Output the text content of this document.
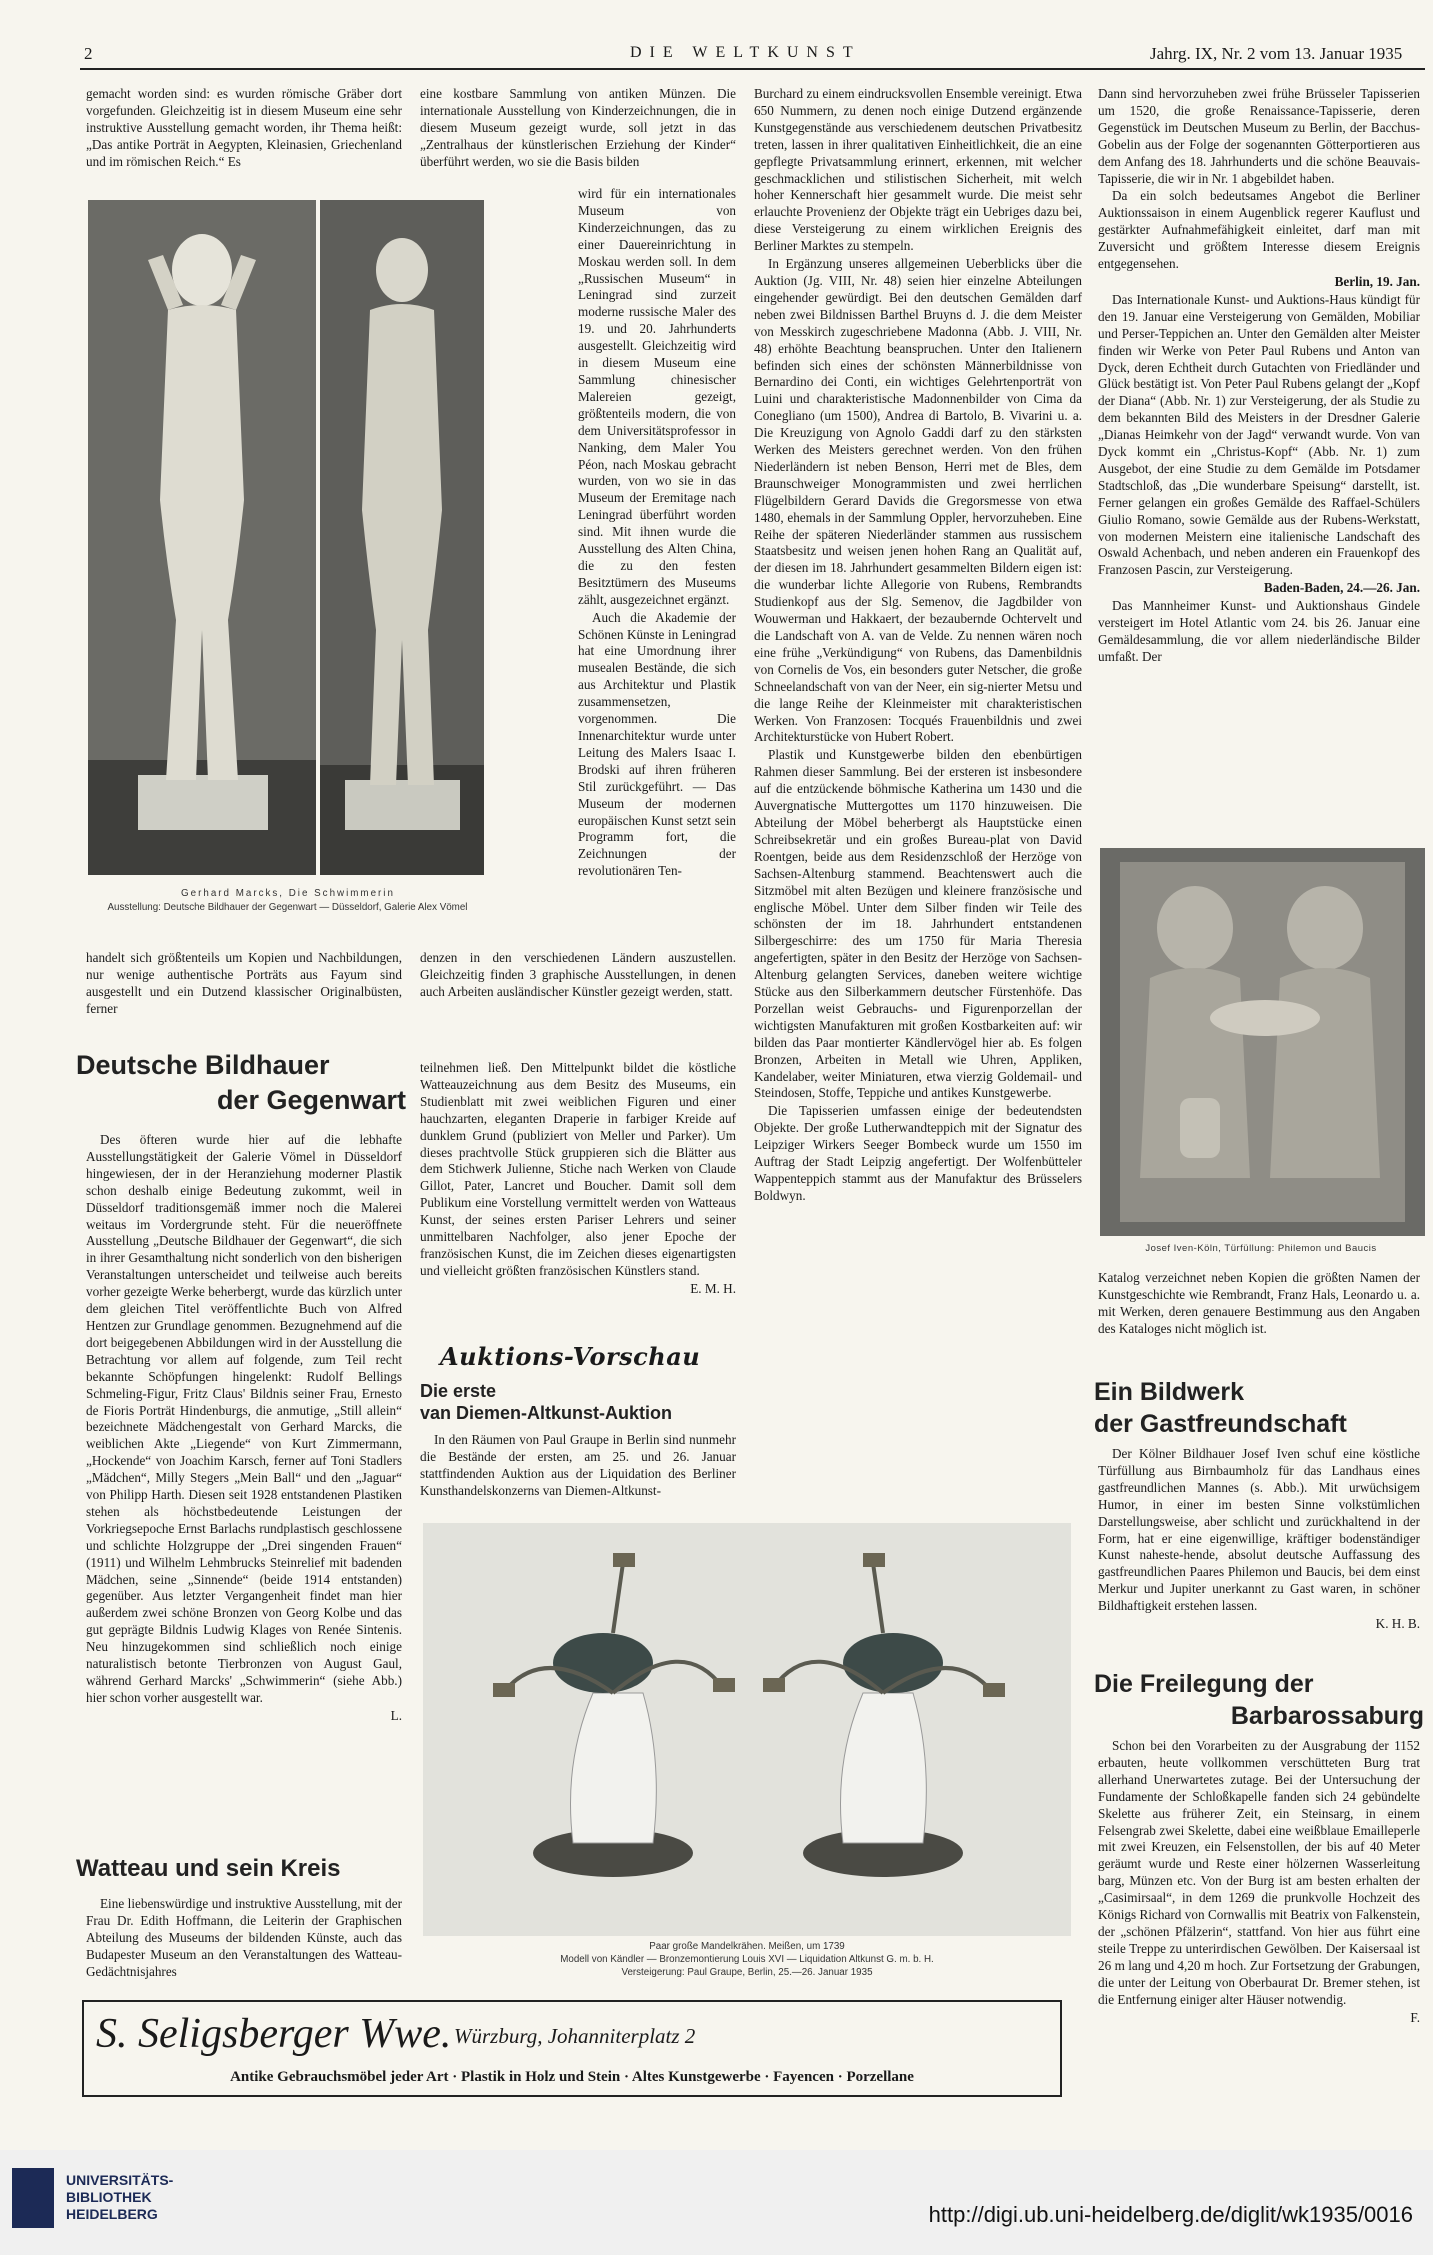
2	DIE WELTKUNST	Jahrg. IX, Nr. 2 vom 13. Januar 1935

gemacht worden sind: es wurden römische Gräber dort vorgefunden. Gleichzeitig ist in diesem Museum eine sehr instruktive Ausstellung gemacht worden, ihr Thema heißt: „Das antike Porträt in Aegypten, Kleinasien, Griechenland und im römischen Reich.“ Es

Gerhard Marcks, Die Schwimmerin
Ausstellung: Deutsche Bildhauer der Gegenwart — Düsseldorf, Galerie Alex Vömel

handelt sich größtenteils um Kopien und Nachbildungen, nur wenige authentische Porträts aus Fayum sind ausgestellt und ein Dutzend klassischer Originalbüsten, ferner

Deutsche Bildhauer
der Gegenwart

Des öfteren wurde hier auf die lebhafte Ausstellungstätigkeit der Galerie Vömel in Düsseldorf hingewiesen, der in der Heranziehung moderner Plastik schon deshalb einige Bedeutung zukommt, weil in Düsseldorf traditionsgemäß immer noch die Malerei weitaus im Vordergrunde steht. Für die neueröffnete Ausstellung „Deutsche Bildhauer der Gegenwart“, die sich in ihrer Gesamthaltung nicht sonderlich von den bisherigen Veranstaltungen unterscheidet und teilweise auch bereits vorher gezeigte Werke beherbergt, wurde das kürzlich unter dem gleichen Titel veröffentlichte Buch von Alfred Hentzen zur Grundlage genommen. Bezugnehmend auf die dort beigegebenen Abbildungen wird in der Ausstellung die Betrachtung vor allem auf folgende, zum Teil recht bekannte Schöpfungen hingelenkt: Rudolf Bellings Schmeling-Figur, Fritz Claus' Bildnis seiner Frau, Ernesto de Fioris Porträt Hindenburgs, die anmutige, „Still allein“ bezeichnete Mädchengestalt von Gerhard Marcks, die weiblichen Akte „Liegende“ von Kurt Zimmermann, „Hockende“ von Joachim Karsch, ferner auf Toni Stadlers „Mädchen“, Milly Stegers „Mein Ball“ und den „Jaguar“ von Philipp Harth. Diesen seit 1928 entstandenen Plastiken stehen als höchstbedeutende Leistungen der Vorkriegsepoche Ernst Barlachs rundplastisch geschlossene und schlichte Holzgruppe der „Drei singenden Frauen“ (1911) und Wilhelm Lehmbrucks Steinrelief mit badenden Mädchen, seine „Sinnende“ (beide 1914 entstanden) gegenüber. Aus letzter Vergangenheit findet man hier außerdem zwei schöne Bronzen von Georg Kolbe und das gut geprägte Bildnis Ludwig Klages von Renée Sintenis. Neu hinzugekommen sind schließlich noch einige naturalistisch betonte Tierbronzen von August Gaul, während Gerhard Marcks' „Schwimmerin“ (siehe Abb.) hier schon vorher ausgestellt war.

L.

Watteau und sein Kreis

Eine liebenswürdige und instruktive Ausstellung, mit der Frau Dr. Edith Hoffmann, die Leiterin der Graphischen Abteilung des Museums der bildenden Künste, auch das Budapester Museum an den Veranstaltungen des Watteau-Gedächtnisjahres

eine kostbare Sammlung von antiken Münzen. Die internationale Ausstellung von Kinderzeichnungen, die in diesem Museum gezeigt wurde, soll jetzt in das „Zentralhaus der künstlerischen Erziehung der Kinder“ überführt werden, wo sie die Basis bilden

wird für ein internationales Museum von Kinderzeichnungen, das zu einer Dauereinrichtung in Moskau werden soll. In dem „Russischen Museum“ in Leningrad sind zurzeit moderne russische Maler des 19. und 20. Jahrhunderts ausgestellt. Gleichzeitig wird in diesem Museum eine Sammlung chinesischer Malereien gezeigt, größtenteils modern, die von dem Universitätsprofessor in Nanking, dem Maler You Péon, nach Moskau gebracht wurden, von wo sie in das Museum der Eremitage nach Leningrad überführt worden sind. Mit ihnen wurde die Ausstellung des Alten China, die zu den festen Besitztümern des Museums zählt, ausgezeichnet ergänzt.

Auch die Akademie der Schönen Künste in Leningrad hat eine Umordnung ihrer musealen Bestände, die sich aus Architektur und Plastik zusammensetzen, vorgenommen. Die Innenarchitektur wurde unter Leitung des Malers Isaac I. Brodski auf ihren früheren Stil zurückgeführt. — Das Museum der modernen europäischen Kunst setzt sein Programm fort, die Zeichnungen der revolutionären Ten-

denzen in den verschiedenen Ländern auszustellen. Gleichzeitig finden 3 graphische Ausstellungen, in denen auch Arbeiten ausländischer Künstler gezeigt werden, statt.

teilnehmen ließ. Den Mittelpunkt bildet die köstliche Watteauzeichnung aus dem Besitz des Museums, ein Studienblatt mit zwei weiblichen Figuren und einer hauchzarten, eleganten Draperie in farbiger Kreide auf dunklem Grund (publiziert von Meller und Parker). Um dieses prachtvolle Stück gruppieren sich die Blätter aus dem Stichwerk Julienne, Stiche nach Werken von Claude Gillot, Pater, Lancret und Boucher. Damit soll dem Publikum eine Vorstellung vermittelt werden von Watteaus Kunst, der seines ersten Pariser Lehrers und seiner unmittelbaren Nachfolger, also jener Epoche der französischen Kunst, die im Zeichen dieses eigenartigsten und vielleicht größten französischen Künstlers stand.

E. M. H.

Auktions-Vorschau
Die erste
van Diemen-Altkunst-Auktion

In den Räumen von Paul Graupe in Berlin sind nunmehr die Bestände der ersten, am 25. und 26. Januar stattfindenden Auktion aus der Liquidation des Berliner Kunsthandelskonzerns van Diemen-Altkunst-

Paar große Mandelkrähen. Meißen, um 1739
Modell von Kändler — Bronzemontierung Louis XVI — Liquidation Altkunst G. m. b. H.
Versteigerung: Paul Graupe, Berlin, 25.—26. Januar 1935

Burchard zu einem eindrucksvollen Ensemble vereinigt. Etwa 650 Nummern, zu denen noch einige Dutzend ergänzende Kunstgegenstände aus verschiedenem deutschen Privatbesitz treten, lassen in ihrer qualitativen Einheitlichkeit, die an eine gepflegte Privatsammlung erinnert, erkennen, mit welcher geschmacklichen und stilistischen Sicherheit, mit welch hoher Kennerschaft hier gesammelt wurde. Die meist sehr erlauchte Provenienz der Objekte trägt ein Uebriges dazu bei, diese Versteigerung zu einem wirklichen Ereignis des Berliner Marktes zu stempeln.

In Ergänzung unseres allgemeinen Ueberblicks über die Auktion (Jg. VIII, Nr. 48) seien hier einzelne Abteilungen eingehender gewürdigt. Bei den deutschen Gemälden darf neben zwei Bildnissen Barthel Bruyns d. J. die dem Meister von Messkirch zugeschriebene Madonna (Abb. J. VIII, Nr. 48) erhöhte Beachtung beanspruchen. Unter den Italienern befinden sich eines der schönsten Männerbildnisse von Bernardino dei Conti, ein wichtiges Gelehrtenporträt von Luini und charakteristische Madonnenbilder von Cima da Conegliano (um 1500), Andrea di Bartolo, B. Vivarini u. a. Die Kreuzigung von Agnolo Gaddi darf zu den stärksten Werken des Meisters gerechnet werden. Von den frühen Niederländern ist neben Benson, Herri met de Bles, dem Braunschweiger Monogrammisten und zwei herrlichen Flügelbildern Gerard Davids die Gregorsmesse von etwa 1480, ehemals in der Sammlung Oppler, hervorzuheben. Eine Reihe der späteren Niederländer stammen aus russischem Staatsbesitz und weisen jenen hohen Rang an Qualität auf, der diesen im 18. Jahrhundert gesammelten Bildern eigen ist: die wunderbar lichte Allegorie von Rubens, Rembrandts Studienkopf aus der Slg. Semenov, die Jagdbilder von Wouwerman und Hakkaert, der bezaubernde Ochtervelt und die Landschaft von A. van de Velde. Zu nennen wären noch eine frühe „Verkündigung“ von Rubens, das Damenbildnis von Cornelis de Vos, ein besonders guter Netscher, die große Schneelandschaft von van der Neer, ein sig-nierter Metsu und die lange Reihe der Kleinmeister mit charakteristischen Werken. Von Franzosen: Tocqués Frauenbildnis und zwei Architekturstücke von Hubert Robert.

Plastik und Kunstgewerbe bilden den ebenbürtigen Rahmen dieser Sammlung. Bei der ersteren ist insbesondere auf die entzückende böhmische Katherina um 1430 und die Auvergnatische Muttergottes um 1170 hinzuweisen. Die Abteilung der Möbel beherbergt als Hauptstücke einen Schreibsekretär und ein großes Bureau-plat von David Roentgen, beide aus dem Residenzschloß der Herzöge von Sachsen-Altenburg stammend. Beachtenswert auch die Sitzmöbel mit alten Bezügen und kleinere französische und englische Möbel. Unter dem Silber finden wir Teile des schönsten der im 18. Jahrhundert entstandenen Silbergeschirre: des um 1750 für Maria Theresia angefertigten, später in den Besitz der Herzöge von Sachsen-Altenburg gelangten Services, daneben weitere wichtige Stücke aus den Silberkammern deutscher Fürstenhöfe. Das Porzellan weist Gebrauchs- und Figurenporzellan der wichtigsten Manufakturen mit großen Kostbarkeiten auf: wir bilden das Paar montierter Kändlervögel hier ab. Es folgen Bronzen, Arbeiten in Metall wie Uhren, Appliken, Kandelaber, weiter Miniaturen, etwa vierzig Goldemail- und Steindosen, Stoffe, Teppiche und antikes Kunstgewerbe.

Die Tapisserien umfassen einige der bedeutendsten Objekte. Der große Lutherwandteppich mit der Signatur des Leipziger Wirkers Seeger Bombeck wurde um 1550 im Auftrag der Stadt Leipzig angefertigt. Der Wolfenbütteler Wappenteppich stammt aus der Manufaktur des Brüsselers Boldwyn.

Dann sind hervorzuheben zwei frühe Brüsseler Tapisserien um 1520, die große Renaissance-Tapisserie, deren Gegenstück im Deutschen Museum zu Berlin, der Bacchus-Gobelin aus der Folge der sogenannten Götterportieren aus dem Anfang des 18. Jahrhunderts und die schöne Beauvais-Tapisserie, die wir in Nr. 1 abgebildet haben.

Da ein solch bedeutsames Angebot die Berliner Auktionssaison in einem Augenblick regerer Kauflust und gestärkter Aufnahmefähigkeit einleitet, darf man mit Zuversicht und größtem Interesse diesem Ereignis entgegensehen.

Berlin, 19. Jan.

Das Internationale Kunst- und Auktions-Haus kündigt für den 19. Januar eine Versteigerung von Gemälden, Mobiliar und Perser-Teppichen an. Unter den Gemälden alter Meister finden wir Werke von Peter Paul Rubens und Anton van Dyck, deren Echtheit durch Gutachten von Friedländer und Glück bestätigt ist. Von Peter Paul Rubens gelangt der „Kopf der Diana“ (Abb. Nr. 1) zur Versteigerung, der als Studie zu dem bekannten Bild des Meisters in der Dresdner Galerie „Dianas Heimkehr von der Jagd“ verwandt wurde. Von van Dyck kommt ein „Christus-Kopf“ (Abb. Nr. 1) zum Ausgebot, der eine Studie zu dem Gemälde im Potsdamer Stadtschloß, das „Die wunderbare Speisung“ darstellt, ist. Ferner gelangen ein großes Gemälde des Raffael-Schülers Giulio Romano, sowie Gemälde aus der Rubens-Werkstatt, von modernen Meistern eine italienische Landschaft des Oswald Achenbach, und neben anderen ein Frauenkopf des Franzosen Pascin, zur Versteigerung.

Baden-Baden, 24.—26. Jan.

Das Mannheimer Kunst- und Auktionshaus Gindele versteigert im Hotel Atlantic vom 24. bis 26. Januar eine Gemäldesammlung, die vor allem niederländische Bilder umfaßt. Der

Josef Iven-Köln, Türfüllung: Philemon und Baucis

Katalog verzeichnet neben Kopien die größten Namen der Kunstgeschichte wie Rembrandt, Franz Hals, Leonardo u. a. mit Werken, deren genauere Bestimmung aus den Angaben des Kataloges nicht möglich ist.

Ein Bildwerk
der Gastfreundschaft

Der Kölner Bildhauer Josef Iven schuf eine köstliche Türfüllung aus Birnbaumholz für das Landhaus eines gastfreundlichen Mannes (s. Abb.). Mit urwüchsigem Humor, in einer im besten Sinne volkstümlichen Darstellungsweise, aber schlicht und zurückhaltend in der Form, hat er eine eigenwillige, kräftiger bodenständiger Kunst naheste-hende, absolut deutsche Auffassung des gastfreundlichen Paares Philemon und Baucis, bei dem einst Merkur und Jupiter unerkannt zu Gast waren, in schöner Bildhaftigkeit erstehen lassen.

K. H. B.

Die Freilegung der
Barbarossaburg

Schon bei den Vorarbeiten zu der Ausgrabung der 1152 erbauten, heute vollkommen verschütteten Burg trat allerhand Unerwartetes zutage. Bei der Untersuchung der Fundamente der Schloßkapelle fanden sich 24 gebündelte Skelette aus früherer Zeit, ein Steinsarg, in einem Felsengrab zwei Skelette, dabei eine weißblaue Emailleperle mit zwei Kreuzen, ein Felsenstollen, der bis auf 40 Meter geräumt wurde und Reste einer hölzernen Wasserleitung barg, Münzen etc. Von der Burg ist am besten erhalten der „Casimirsaal“, in dem 1269 die prunkvolle Hochzeit des Königs Richard von Cornwallis mit Beatrix von Falkenstein, der „schönen Pfälzerin“, stattfand. Von hier aus führt eine steile Treppe zu unterirdischen Gewölben. Der Kaisersaal ist 26 m lang und 4,20 m hoch. Zur Fortsetzung der Grabungen, die unter der Leitung von Oberbaurat Dr. Bremer stehen, ist die Entfernung einiger alter Häuser notwendig.

F.

S. Seligsberger Wwe. Würzburg, Johanniterplatz 2
Antike Gebrauchsmöbel jeder Art · Plastik in Holz und Stein · Altes Kunstgewerbe · Fayencen · Porzellane
UNIVERSITÄTS-
BIBLIOTHEK
HEIDELBERG	http://digi.ub.uni-heidelberg.de/diglit/wk1935/0016
